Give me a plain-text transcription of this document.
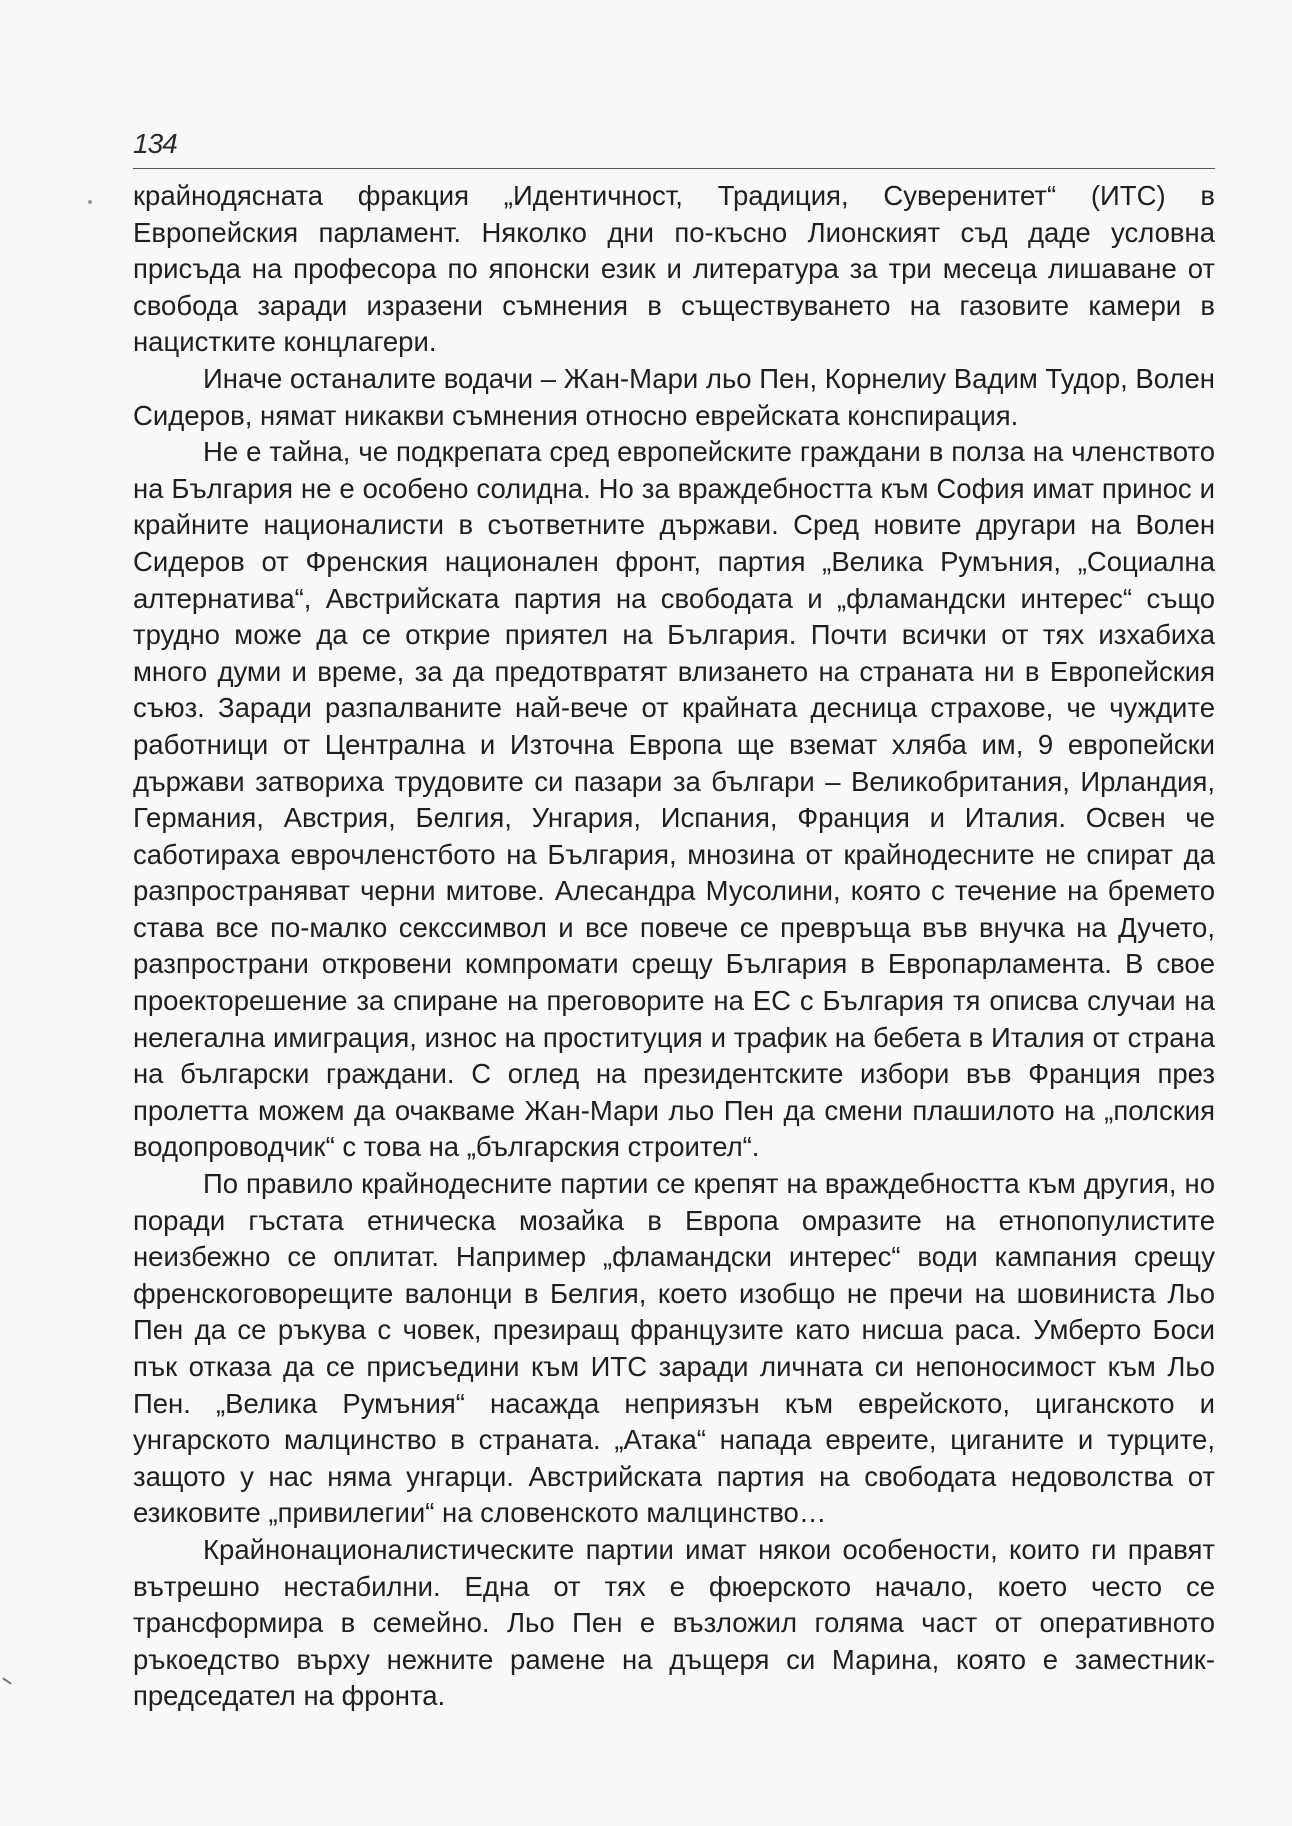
134

крайнодясната фракция „Идентичност, Традиция, Суверенитет“ (ИТС) в Европейския парламент. Няколко дни по-късно Лионският съд даде условна присъда на професора по японски език и литература за три месеца лишаване от свобода заради изразени съмнения в съществуването на газовите камери в нацистките концлагери.

Иначе останалите водачи – Жан-Мари льо Пен, Корнелиу Вадим Тудор, Волен Сидеров, нямат никакви съмнения относно еврейската конспирация.

Не е тайна, че подкрепата сред европейските граждани в полза на членството на България не е особено солидна. Но за враждебността към София имат принос и крайните националисти в съответните държави. Сред новите другари на Волен Сидеров от Френския национален фронт, партия „Велика Румъния, „Социална алтернатива“, Австрийската партия на свободата и „фламандски интерес“ също трудно може да се открие приятел на България. Почти всички от тях изхабиха много думи и време, за да предотвратят влизането на страната ни в Европейския съюз. Заради разпалваните най-вече от крайната десница страхове, че чуждите работници от Централна и Източна Европа ще вземат хляба им, 9 европейски държави затвориха трудовите си пазари за българи – Великобритания, Ирландия, Германия, Австрия, Белгия, Унгария, Испания, Франция и Италия. Освен че саботираха еврочленстбото на България, мнозина от крайнодесните не спират да разпространяват черни митове. Алесандра Мусолини, която с течение на бремето става все по-малко секссимвол и все повече се превръща във внучка на Дучето, разпространи откровени компромати срещу България в Европарламента. В свое проекторешение за спиране на преговорите на ЕС с България тя описва случаи на нелегална имиграция, износ на проституция и трафик на бебета в Италия от страна на български граждани. С оглед на президентските избори във Франция през пролетта можем да очакваме Жан-Мари льо Пен да смени плашилото на „полския водопроводчик“ с това на „българския строител“.

По правило крайнодесните партии се крепят на враждебността към другия, но поради гъстата етническа мозайка в Европа омразите на етнопопулистите неизбежно се оплитат. Например „фламандски интерес“ води кампания срещу френскоговорещите валонци в Белгия, което изобщо не пречи на шовиниста Льо Пен да се ръкува с човек, презиращ французите като нисша раса. Умберто Боси пък отказа да се присъедини към ИТС заради личната си непоносимост към Льо Пен. „Велика Румъния“ насажда неприязън към еврейското, циганското и унгарското малцинство в страната. „Атака“ напада евреите, циганите и турците, защото у нас няма унгарци. Австрийската партия на свободата недоволства от езиковите „привилегии“ на словенското малцинство…

Крайнонационалистическите партии имат някои особености, които ги правят вътрешно нестабилни. Една от тях е фюерското начало, което често се трансформира в семейно. Льо Пен е възложил голяма част от оперативното ръкоедство върху нежните рамене на дъщеря си Марина, която е заместник-председател на фронта.
